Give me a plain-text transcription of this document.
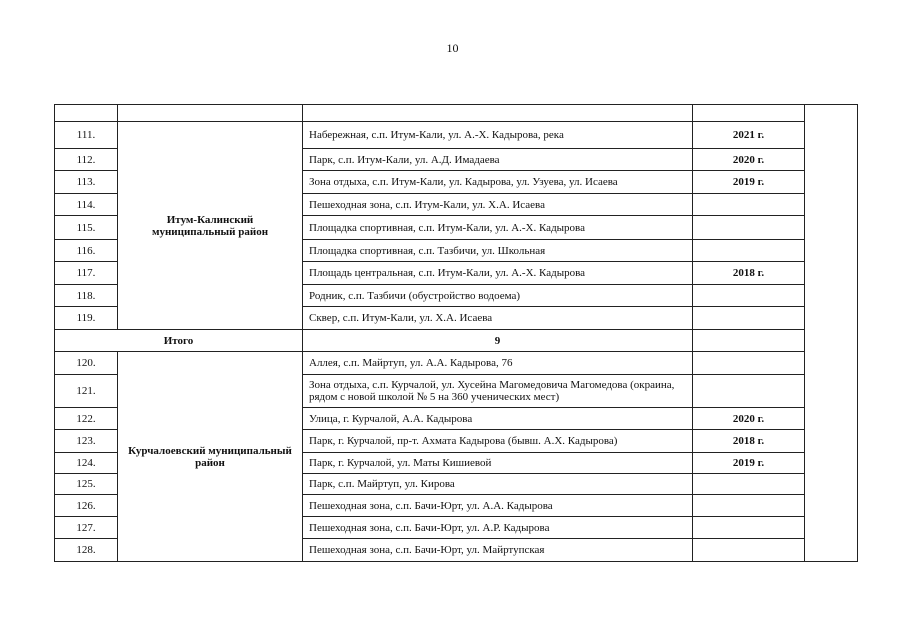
10

111.	Итум-Калинский муниципальный район	Набережная, с.п. Итум-Кали, ул. А.-Х. Кадырова, река	2021 г.	
112.		Парк, с.п. Итум-Кали, ул. А.Д. Имадаева	2020 г.	
113.		Зона отдыха, с.п. Итум-Кали, ул. Кадырова, ул. Узуева, ул. Исаева	2019 г.	
114.		Пешеходная зона, с.п. Итум-Кали, ул. Х.А. Исаева		
115.		Площадка спортивная, с.п. Итум-Кали, ул. А.-Х. Кадырова		
116.		Площадка спортивная, с.п. Тазбичи, ул. Школьная		
117.		Площадь центральная, с.п. Итум-Кали, ул. А.-Х. Кадырова	2018 г.	
118.		Родник, с.п. Тазбичи (обустройство водоема)		
119.		Сквер, с.п. Итум-Кали, ул. Х.А. Исаева		
Итого		9		
120.	Курчалоевский муниципальный район	Аллея, с.п. Майртуп, ул. А.А. Кадырова, 76		
121.		Зона отдыха, с.п. Курчалой, ул. Хусейна Магомедовича Магомедова (окраина, рядом с новой школой № 5 на 360 ученических мест)		
122.		Улица, г. Курчалой, А.А. Кадырова	2020 г.	
123.		Парк, г. Курчалой, пр-т. Ахмата Кадырова (бывш. А.Х. Кадырова)	2018 г.	
124.		Парк, г. Курчалой, ул. Маты Кишиевой	2019 г.	
125.		Парк, с.п. Майртуп, ул. Кирова		
126.		Пешеходная зона, с.п. Бачи-Юрт, ул. А.А. Кадырова		
127.		Пешеходная зона, с.п. Бачи-Юрт, ул. А.Р. Кадырова		
128.		Пешеходная зона, с.п. Бачи-Юрт, ул. Майртупская		
